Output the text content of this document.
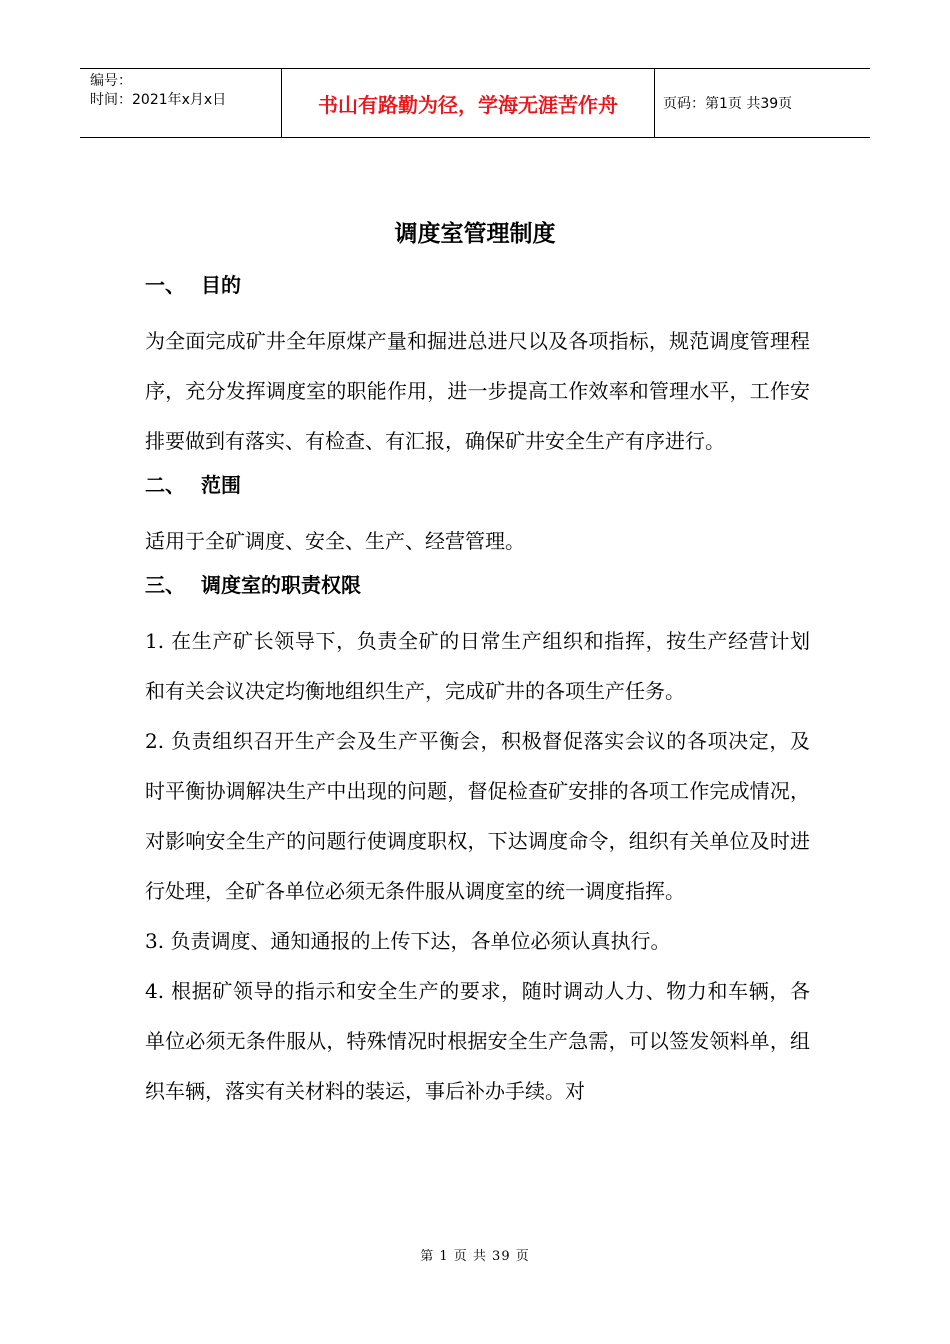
编号：
时间：2021年x月x日	书山有路勤为径，学海无涯苦作舟	页码：第1页 共39页
调度室管理制度
一、 目的
为全面完成矿井全年原煤产量和掘进总进尺以及各项指标，规范调度管理程序，充分发挥调度室的职能作用，进一步提高工作效率和管理水平，工作安排要做到有落实、有检查、有汇报，确保矿井安全生产有序进行。
二、 范围
适用于全矿调度、安全、生产、经营管理。
三、 调度室的职责权限
1. 在生产矿长领导下，负责全矿的日常生产组织和指挥，按生产经营计划和有关会议决定均衡地组织生产，完成矿井的各项生产任务。
2. 负责组织召开生产会及生产平衡会，积极督促落实会议的各项决定，及时平衡协调解决生产中出现的问题，督促检查矿安排的各项工作完成情况，对影响安全生产的问题行使调度职权，下达调度命令，组织有关单位及时进行处理，全矿各单位必须无条件服从调度室的统一调度指挥。
3. 负责调度、通知通报的上传下达，各单位必须认真执行。
4. 根据矿领导的指示和安全生产的要求，随时调动人力、物力和车辆，各单位必须无条件服从，特殊情况时根据安全生产急需，可以签发领料单，组织车辆，落实有关材料的装运，事后补办手续。对
第 1 页 共 39 页
